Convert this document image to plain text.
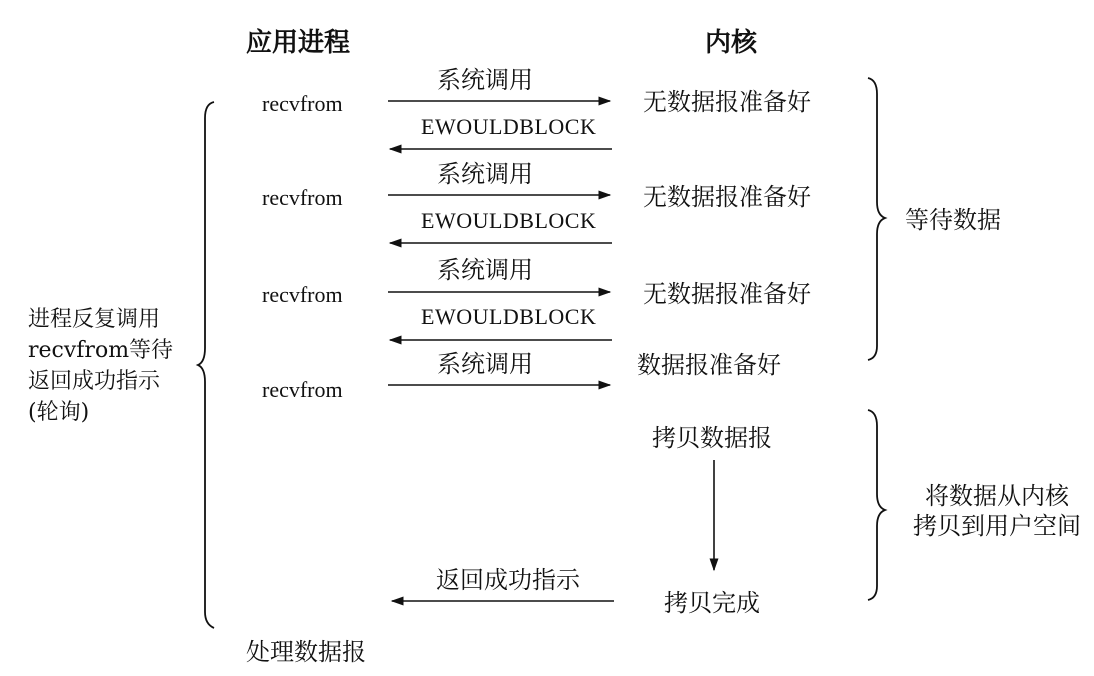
应用进程	内核
recvfrom
系统调用
EWOULDBLOCK
无数据报准备好
recvfrom
系统调用
EWOULDBLOCK
无数据报准备好
recvfrom
系统调用
EWOULDBLOCK
无数据报准备好
recvfrom
系统调用	数据报准备好
拷贝数据报
拷贝完成
返回成功指示
等待数据
将数据从内核
拷贝到用户空间
进程反复调用
recvfrom等待
返回成功指示
(轮询)
处理数据报
